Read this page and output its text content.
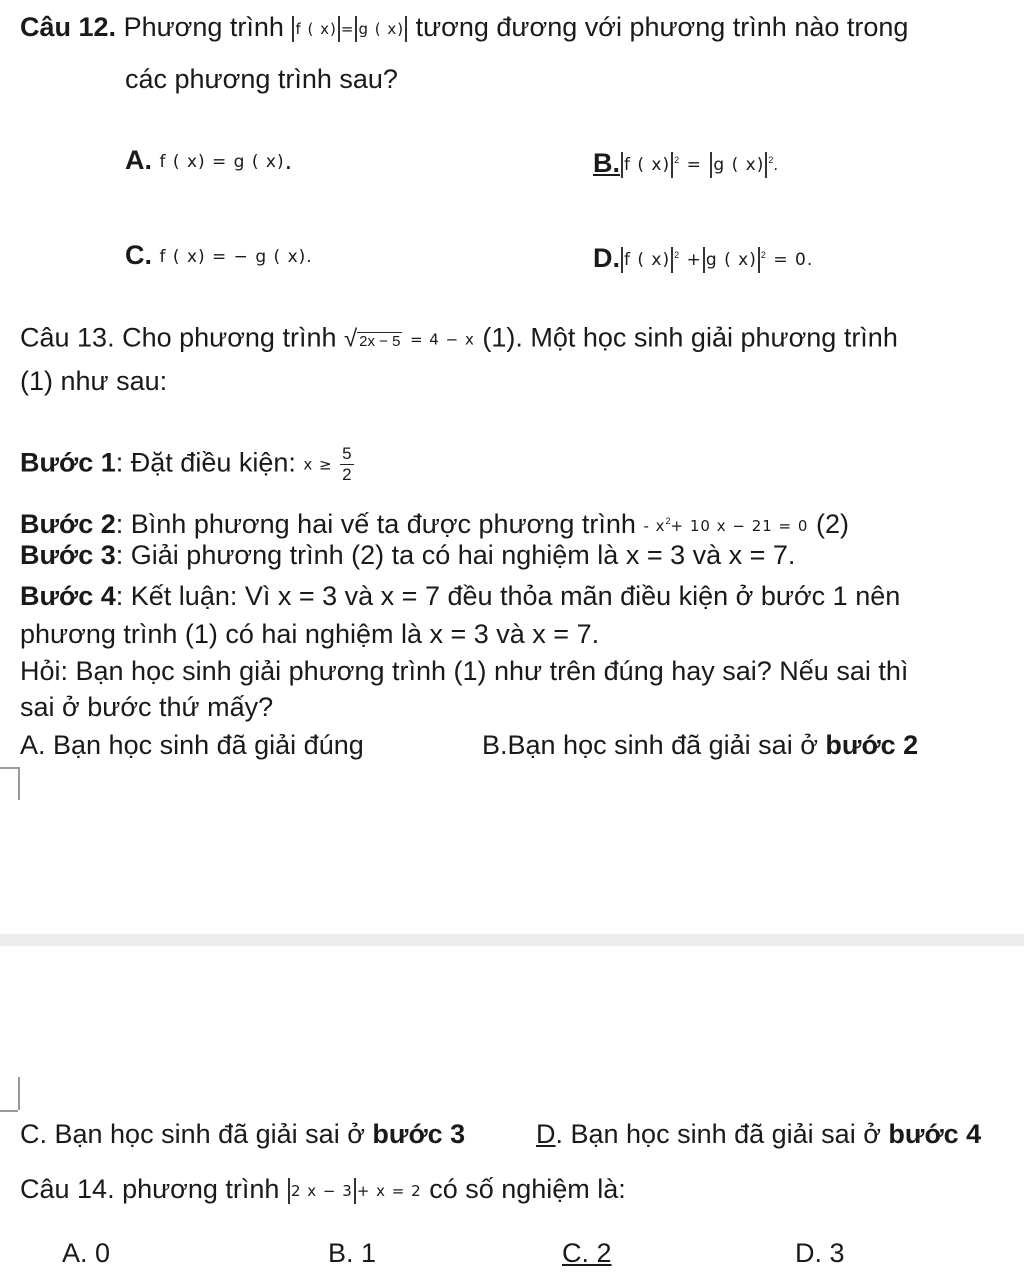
Câu 12. Phương trình f ( x) = g ( x) tương đương với phương trình nào trong
các phương trình sau?
A. f ( x) = g ( x).	B. f ( x) $^2$ = g ( x) $^2$.
C. f ( x) = − g ( x).	D. f ( x) $^2$ + g ( x) $^2$ = 0.
Câu 13. Cho phương trình √ 2x − 5 = 4 − x (1). Một học sinh giải phương trình
(1) như sau:
Bước 1: Đặt điều kiện: $x \ge \frac{5}{2}$
Bước 2: Bình phương hai vế ta được phương trình - $x^2+ 10$ x − 21 = 0 (2)
Bước 3: Giải phương trình (2) ta có hai nghiệm là x = 3 và x = 7.
Bước 4: Kết luận: Vì x = 3 và x = 7 đều thỏa mãn điều kiện ở bước 1 nên
phương trình (1) có hai nghiệm là x = 3 và x = 7.
Hỏi: Bạn học sinh giải phương trình (1) như trên đúng hay sai? Nếu sai thì
sai ở bước thứ mấy?
A. Bạn học sinh đã giải đúng	B.Bạn học sinh đã giải sai ở bước 2
C. Bạn học sinh đã giải sai ở bước 3	D. Bạn học sinh đã giải sai ở bước 4
Câu 14. phương trình 2 x − 3 + x = 2 có số nghiệm là:
A. 0	B. 1	C. 2	D. 3
